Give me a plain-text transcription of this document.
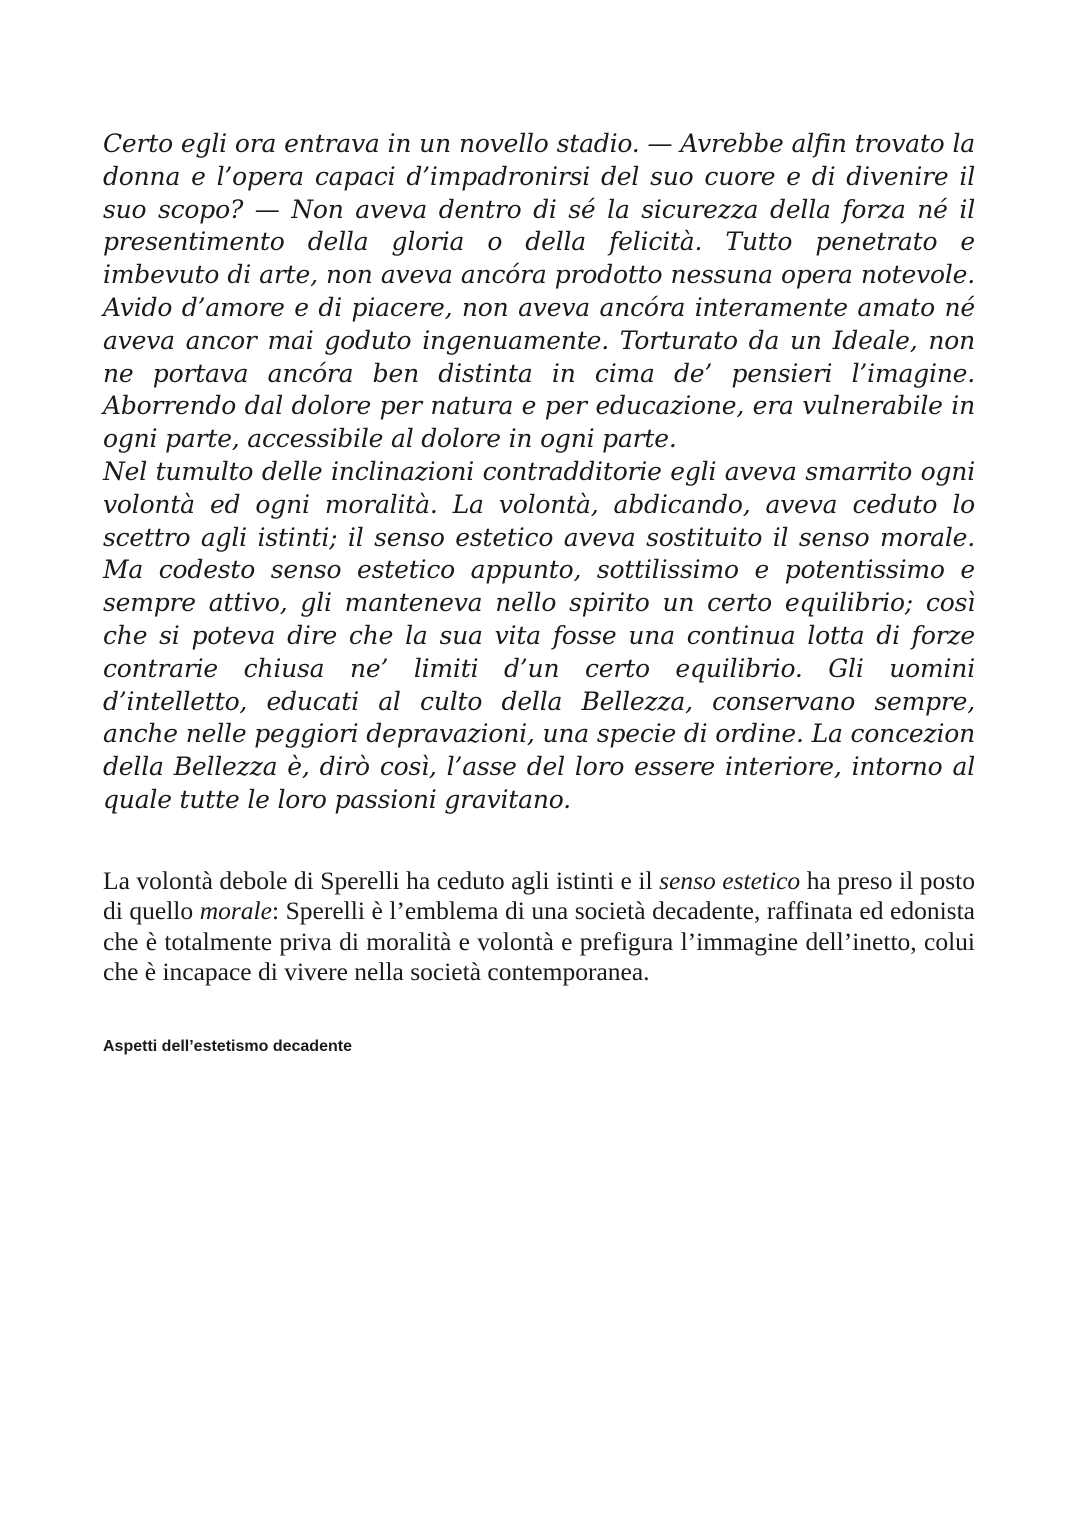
Certo egli ora entrava in un novello stadio. — Avrebbe alfin trovato la donna e l’opera capaci d’impadronirsi del suo cuore e di divenire il suo scopo? — Non aveva dentro di sé la sicurezza della forza né il presentimento della gloria o della felicità. Tutto penetrato e imbevuto di arte, non aveva ancóra prodotto nessuna opera notevole. Avido d’amore e di piacere, non aveva ancóra interamente amato né aveva ancor mai goduto ingenuamente. Torturato da un Ideale, non ne portava ancóra ben distinta in cima de’ pensieri l’imagine. Aborrendo dal dolore per natura e per educazione, era vulnerabile in ogni parte, accessibile al dolore in ogni parte.

Nel tumulto delle inclinazioni contradditorie egli aveva smarrito ogni volontà ed ogni moralità. La volontà, abdicando, aveva ceduto lo scettro agli istinti; il senso estetico aveva sostituito il senso morale. Ma codesto senso estetico appunto, sottilissimo e potentissimo e sempre attivo, gli manteneva nello spirito un certo equilibrio; così che si poteva dire che la sua vita fosse una continua lotta di forze contrarie chiusa ne’ limiti d’un certo equilibrio. Gli uomini d’intelletto, educati al culto della Bellezza, conservano sempre, anche nelle peggiori depravazioni, una specie di ordine. La concezion della Bellezza è, dirò così, l’asse del loro essere interiore, intorno al quale tutte le loro passioni gravitano.

La volontà debole di Sperelli ha ceduto agli istinti e il senso estetico ha preso il posto di quello morale: Sperelli è l’emblema di una società decadente, raffinata ed edonista che è totalmente priva di moralità e volontà e prefigura l’immagine dell’inetto, colui che è incapace di vivere nella società contemporanea.

Aspetti dell’estetismo decadente
